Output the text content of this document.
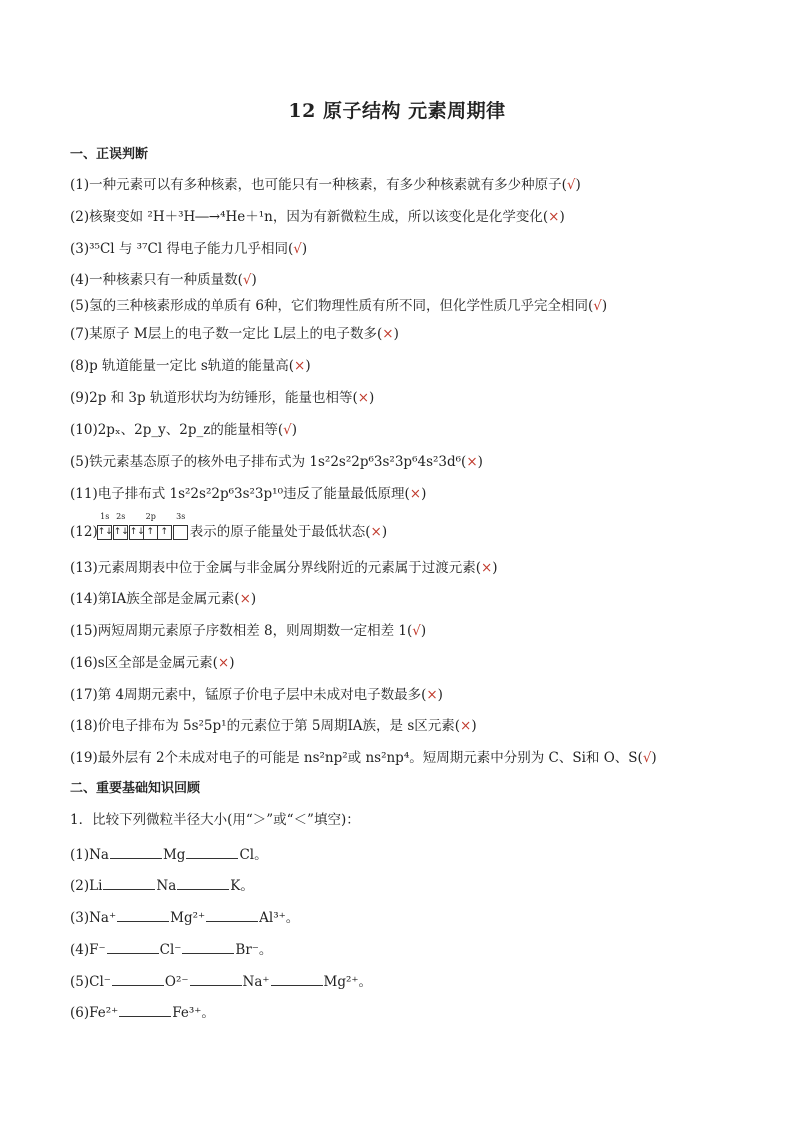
12 原子结构 元素周期律
一、正误判断
(1)一种元素可以有多种核素，也可能只有一种核素，有多少种核素就有多少种原子(√)
(2)核聚变如 ²H＋³H―→⁴He＋¹n，因为有新微粒生成，所以该变化是化学变化(×)
(3)³⁵Cl 与 ³⁷Cl 得电子能力几乎相同(√)
(4)一种核素只有一种质量数(√)
(5)氢的三种核素形成的单质有 6种，它们物理性质有所不同，但化学性质几乎完全相同(√)
(7)某原子 M层上的电子数一定比 L层上的电子数多(×)
(8)p 轨道能量一定比 s轨道的能量高(×)
(9)2p 和 3p 轨道形状均为纺锤形，能量也相等(×)
(10)2pₓ、2p_y、2p_z的能量相等(√)
(5)铁元素基态原子的核外电子排布式为 1s²2s²2p⁶3s²3p⁶4s²3d⁶(×)
(11)电子排布式 1s²2s²2p⁶3s²3p¹⁰违反了能量最低原理(×)
(12)
1s
↑↓
2s
↑↓
2p
↑↓ ↑ ↑
3s
表示的原子能量处于最低状态(×)
(13)元素周期表中位于金属与非金属分界线附近的元素属于过渡元素(×)
(14)第ⅠA族全部是金属元素(×)
(15)两短周期元素原子序数相差 8，则周期数一定相差 1(√)
(16)s区全部是金属元素(×)
(17)第 4周期元素中，锰原子价电子层中未成对电子数最多(×)
(18)价电子排布为 5s²5p¹的元素位于第 5周期ⅠA族，是 s区元素(×)
(19)最外层有 2个未成对电子的可能是 ns²np²或 ns²np⁴。短周期元素中分别为 C、Si和 O、S(√)
二、重要基础知识回顾
1．比较下列微粒半径大小(用“＞”或“＜”填空)：
(1)Na	Mg	Cl。
(2)Li	Na	K。
(3)Na⁺	Mg²⁺	Al³⁺。
(4)F⁻	Cl⁻	Br⁻。
(5)Cl⁻	O²⁻	Na⁺	Mg²⁺。
(6)Fe²⁺	Fe³⁺。
